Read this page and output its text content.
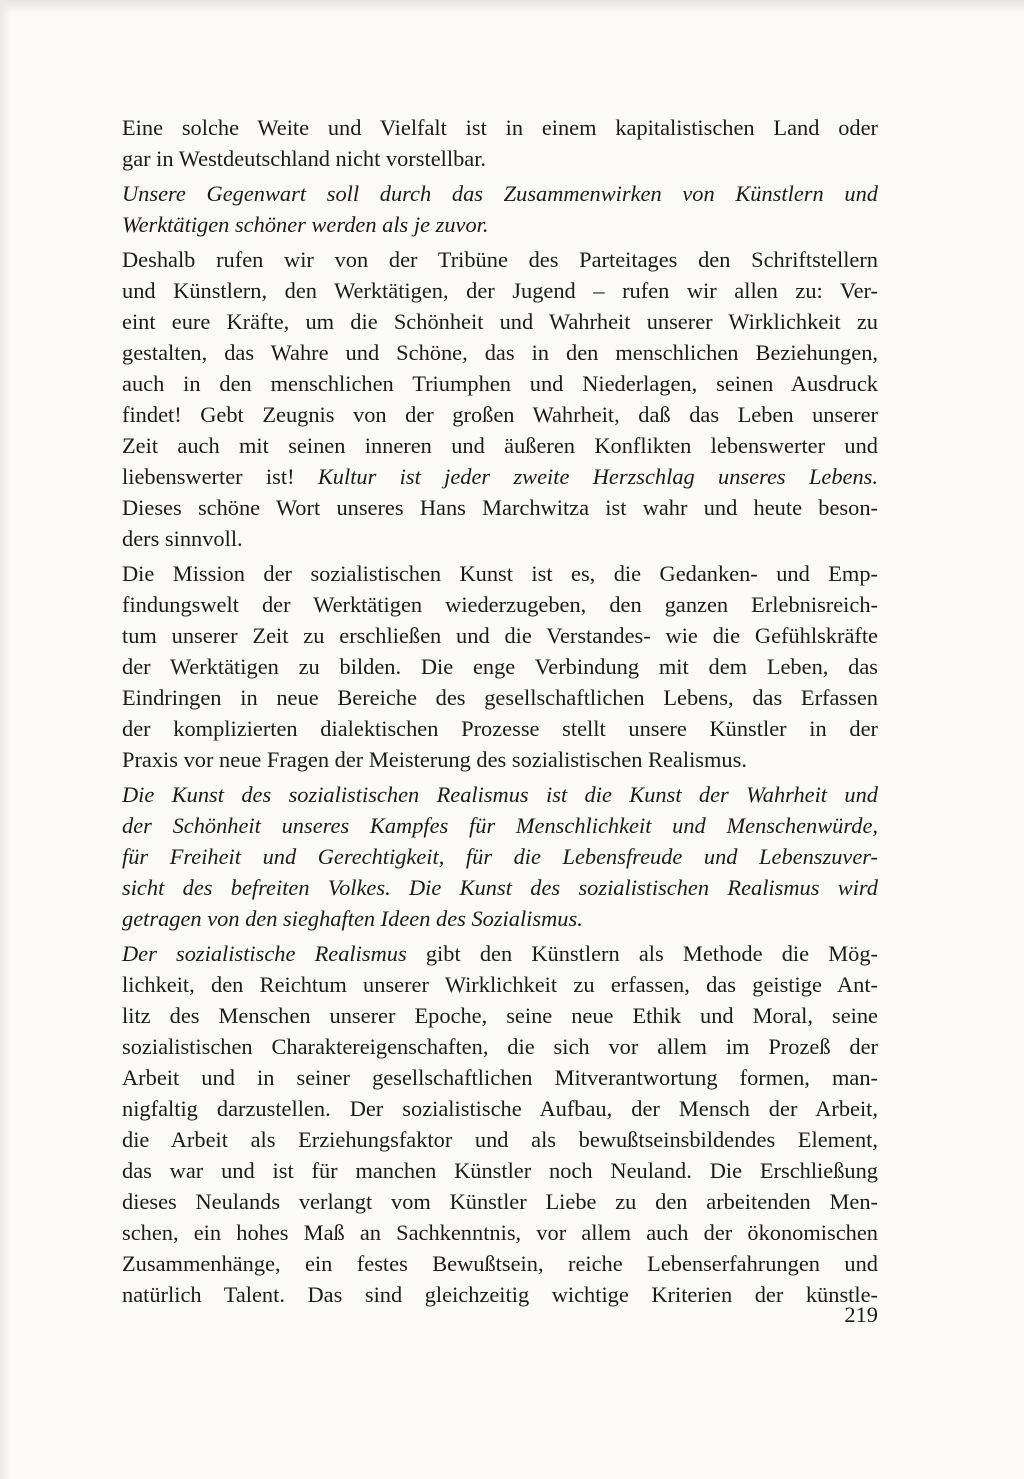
Eine solche Weite und Vielfalt ist in einem kapitalistischen Land oder
gar in Westdeutschland nicht vorstellbar.
Unsere Gegenwart soll durch das Zusammenwirken von Künstlern und
Werktätigen schöner werden als je zuvor.
Deshalb rufen wir von der Tribüne des Parteitages den Schriftstellern
und Künstlern, den Werktätigen, der Jugend – rufen wir allen zu: Ver-
eint eure Kräfte, um die Schönheit und Wahrheit unserer Wirklichkeit zu
gestalten, das Wahre und Schöne, das in den menschlichen Beziehungen,
auch in den menschlichen Triumphen und Niederlagen, seinen Ausdruck
findet! Gebt Zeugnis von der großen Wahrheit, daß das Leben unserer
Zeit auch mit seinen inneren und äußeren Konflikten lebenswerter und
liebenswerter ist! Kultur ist jeder zweite Herzschlag unseres Lebens.
Dieses schöne Wort unseres Hans Marchwitza ist wahr und heute beson-
ders sinnvoll.
Die Mission der sozialistischen Kunst ist es, die Gedanken- und Emp-
findungswelt der Werktätigen wiederzugeben, den ganzen Erlebnisreich-
tum unserer Zeit zu erschließen und die Verstandes- wie die Gefühlskräfte
der Werktätigen zu bilden. Die enge Verbindung mit dem Leben, das
Eindringen in neue Bereiche des gesellschaftlichen Lebens, das Erfassen
der komplizierten dialektischen Prozesse stellt unsere Künstler in der
Praxis vor neue Fragen der Meisterung des sozialistischen Realismus.
Die Kunst des sozialistischen Realismus ist die Kunst der Wahrheit und
der Schönheit unseres Kampfes für Menschlichkeit und Menschenwürde,
für Freiheit und Gerechtigkeit, für die Lebensfreude und Lebenszuver-
sicht des befreiten Volkes. Die Kunst des sozialistischen Realismus wird
getragen von den sieghaften Ideen des Sozialismus.
Der sozialistische Realismus gibt den Künstlern als Methode die Mög-
lichkeit, den Reichtum unserer Wirklichkeit zu erfassen, das geistige Ant-
litz des Menschen unserer Epoche, seine neue Ethik und Moral, seine
sozialistischen Charaktereigenschaften, die sich vor allem im Prozeß der
Arbeit und in seiner gesellschaftlichen Mitverantwortung formen, man-
nigfaltig darzustellen. Der sozialistische Aufbau, der Mensch der Arbeit,
die Arbeit als Erziehungsfaktor und als bewußtseinsbildendes Element,
das war und ist für manchen Künstler noch Neuland. Die Erschließung
dieses Neulands verlangt vom Künstler Liebe zu den arbeitenden Men-
schen, ein hohes Maß an Sachkenntnis, vor allem auch der ökonomischen
Zusammenhänge, ein festes Bewußtsein, reiche Lebenserfahrungen und
natürlich Talent. Das sind gleichzeitig wichtige Kriterien der künstle-
219
